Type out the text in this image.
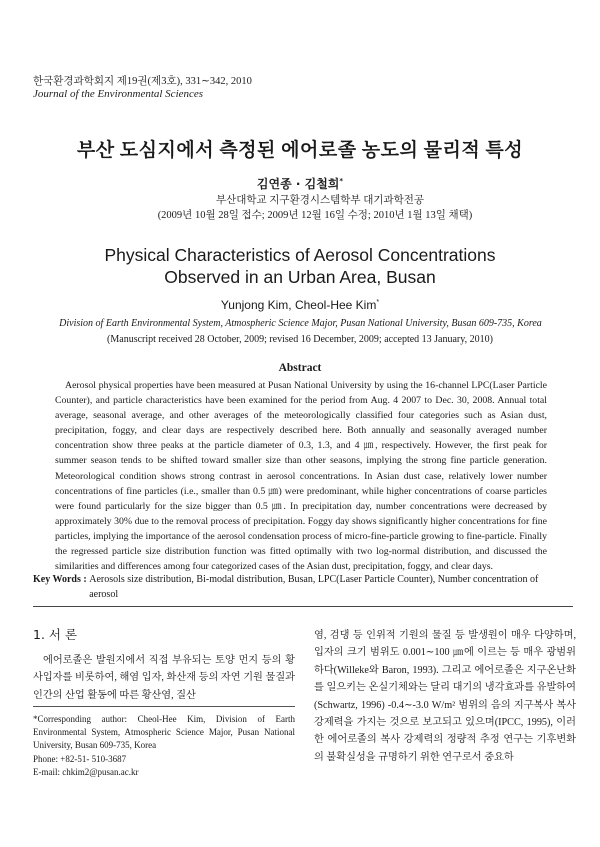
한국환경과학회지 제19권(제3호), 331∼342, 2010
Journal of the Environmental Sciences
부산 도심지에서 측정된 에어로졸 농도의 물리적 특성
김연종 · 김철희*
부산대학교 지구환경시스템학부 대기과학전공
(2009년 10월 28일 접수; 2009년 12월 16일 수정; 2010년 1월 13일 채택)
Physical Characteristics of Aerosol Concentrations
Observed in an Urban Area, Busan
Yunjong Kim, Cheol-Hee Kim*
Division of Earth Environmental System, Atmospheric Science Major, Pusan National University, Busan 609-735, Korea
(Manuscript received 28 October, 2009; revised 16 December, 2009; accepted 13 January, 2010)
Abstract
Aerosol physical properties have been measured at Pusan National University by using the 16-channel LPC(Laser Particle Counter), and particle characteristics have been examined for the period from Aug. 4 2007 to Dec. 30, 2008. Annual total average, seasonal average, and other averages of the meteorologically classified four categories such as Asian dust, precipitation, foggy, and clear days are respectively described here. Both annually and seasonally averaged number concentration show three peaks at the particle diameter of 0.3, 1.3, and 4 ㎛, respectively. However, the first peak for summer season tends to be shifted toward smaller size than other seasons, implying the strong fine particle generation. Meteorological condition shows strong contrast in aerosol concentrations. In Asian dust case, relatively lower number concentrations of fine particles (i.e., smaller than 0.5 ㎛) were predominant, while higher concentrations of coarse particles were found particularly for the size bigger than 0.5 ㎛. In precipitation day, number concentrations were decreased by approximately 30% due to the removal process of precipitation. Foggy day shows significantly higher concentrations for fine particles, implying the importance of the aerosol condensation process of micro-fine-particle growing to fine-particle. Finally the regressed particle size distribution function was fitted optimally with two log-normal distribution, and discussed the similarities and differences among four categorized cases of the Asian dust, precipitation, foggy, and clear days.
Key Words : Aerosols size distribution, Bi-modal distribution, Busan, LPC(Laser Particle Counter), Number concentration of aerosol
1. 서 론
에어로졸은 발원지에서 직접 부유되는 토양 먼지 등의 황사입자를 비롯하여, 해염 입자, 화산재 등의 자연 기원 물질과 인간의 산업 활동에 따른 황산염, 질산
염, 검댕 등 인위적 기원의 물질 등 발생원이 매우 다양하며, 입자의 크기 범위도 0.001∼100 ㎛에 이르는 등 매우 광범위하다(Willeke와 Baron, 1993). 그리고 에어로졸은 지구온난화를 일으키는 온실기체와는 달리 대기의 냉각효과를 유발하여(Schwartz, 1996) -0.4∼-3.0 W/m² 범위의 음의 지구복사 복사강제력을 가지는 것으로 보고되고 있으며(IPCC, 1995), 이러한 에어로졸의 복사 강제력의 정량적 추정 연구는 기후변화의 불확실성을 규명하기 위한 연구로서 중요하
*Corresponding author: Cheol-Hee Kim, Division of Earth Environmental System, Atmospheric Science Major, Pusan National University, Busan 609-735, Korea
Phone: +82-51- 510-3687
E-mail: chkim2@pusan.ac.kr
